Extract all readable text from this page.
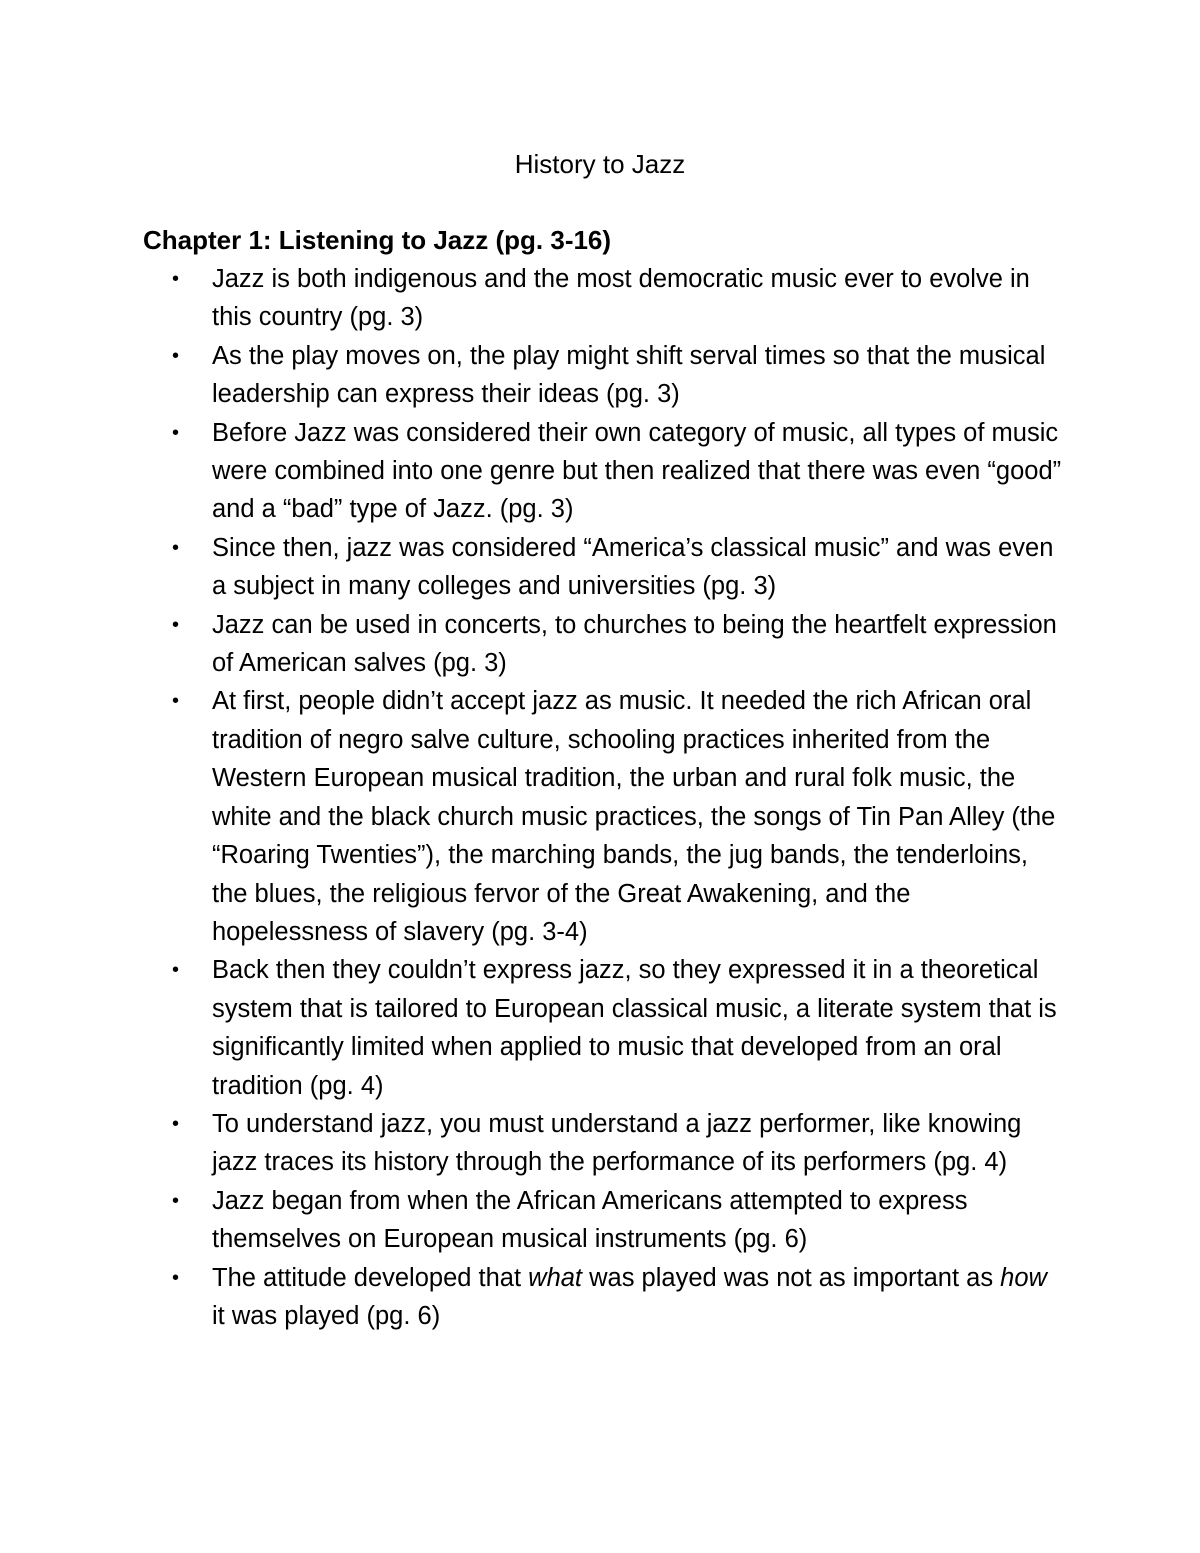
History to Jazz
Chapter 1: Listening to Jazz (pg. 3-16)
•	Jazz is both indigenous and the most democratic music ever to evolve in this country (pg. 3)
•	As the play moves on, the play might shift serval times so that the musical leadership can express their ideas (pg. 3)
•	Before Jazz was considered their own category of music, all types of music were combined into one genre but then realized that there was even “good” and a “bad” type of Jazz. (pg. 3)
•	Since then, jazz was considered “America’s classical music” and was even a subject in many colleges and universities (pg. 3)
•	Jazz can be used in concerts, to churches to being the heartfelt expression of American salves (pg. 3)
•	At first, people didn’t accept jazz as music. It needed the rich African oral tradition of negro salve culture, schooling practices inherited from the Western European musical tradition, the urban and rural folk music, the white and the black church music practices, the songs of Tin Pan Alley (the “Roaring Twenties”), the marching bands, the jug bands, the tenderloins, the blues, the religious fervor of the Great Awakening, and the hopelessness of slavery (pg. 3-4)
•	Back then they couldn’t express jazz, so they expressed it in a theoretical system that is tailored to European classical music, a literate system that is significantly limited when applied to music that developed from an oral tradition (pg. 4)
•	To understand jazz, you must understand a jazz performer, like knowing jazz traces its history through the performance of its performers (pg. 4)
•	Jazz began from when the African Americans attempted to express themselves on European musical instruments (pg. 6)
•	The attitude developed that what was played was not as important as how it was played (pg. 6)
